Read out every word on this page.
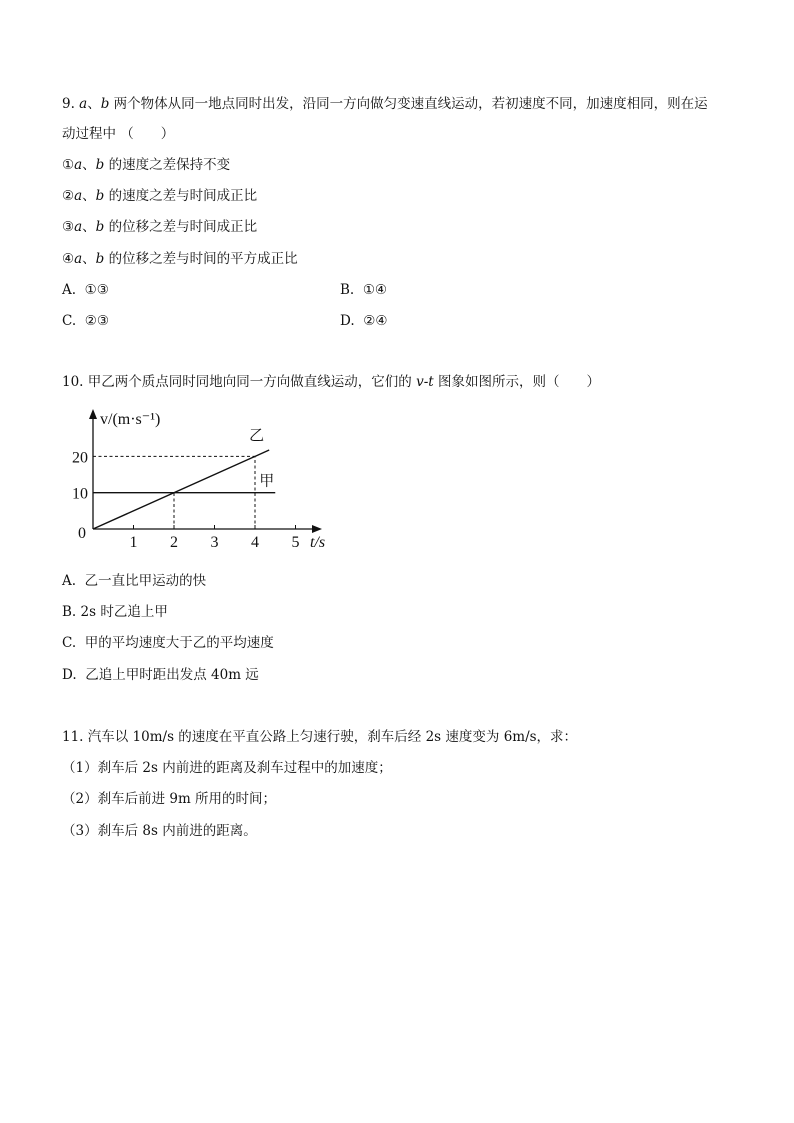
9. a、b 两个物体从同一地点同时出发，沿同一方向做匀变速直线运动，若初速度不同，加速度相同，则在运
动过程中 （　　）
①a、b 的速度之差保持不变
②a、b 的速度之差与时间成正比
③a、b 的位移之差与时间成正比
④a、b 的位移之差与时间的平方成正比
A. ①③	B. ①④
C. ②③	D. ②④
10. 甲乙两个质点同时同地向同一方向做直线运动，它们的 v-t 图象如图所示，则（　　）
v/(m·s⁻¹)
t/s
0
甲
乙
1 2 3 4 5
10
20
A. 乙一直比甲运动的快
B. 2s 时乙追上甲
C. 甲的平均速度大于乙的平均速度
D. 乙追上甲时距出发点 40m 远
11. 汽车以 10m/s 的速度在平直公路上匀速行驶，刹车后经 2s 速度变为 6m/s，求：
（1）刹车后 2s 内前进的距离及刹车过程中的加速度；
（2）刹车后前进 9m 所用的时间；
（3）刹车后 8s 内前进的距离。
